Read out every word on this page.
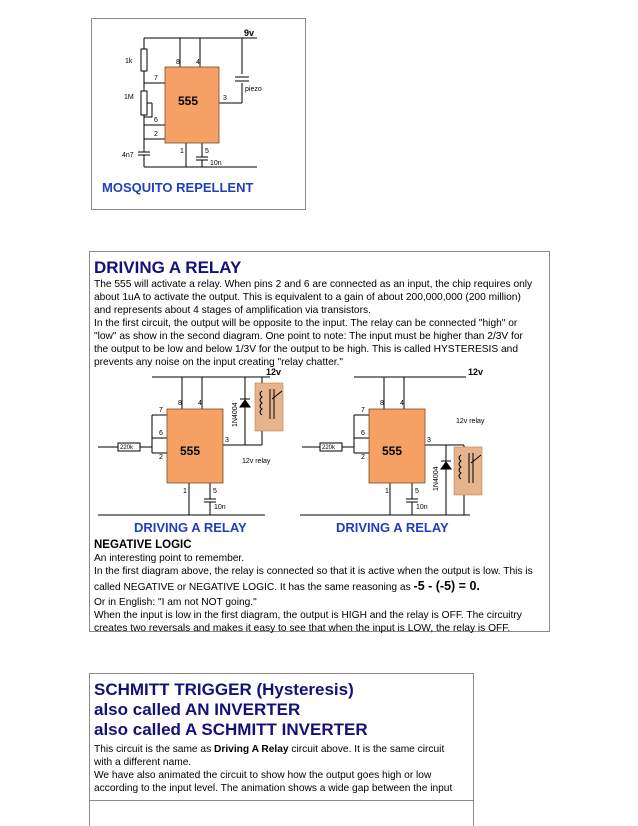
555
9v
1k
1M
4n7
10n
piezo
8 4
7
6
2
1	5
3
MOSQUITO REPELLENT
DRIVING A RELAY
The 555 will activate a relay. When pins 2 and 6 are connected as an input, the chip requires only
about 1uA to activate the output. This is equivalent to a gain of about 200,000,000 (200 million)
and represents about 4 stages of amplification via transistors.
In the first circuit, the output will be opposite to the input. The relay can be connected "high" or
"low" as show in the second diagram. One point to note: The input must be higher than 2/3V for
the output to be low and below 1/3V for the output to be high. This is called HYSTERESIS and
prevents any noise on the input creating "relay chatter."
555
12v
220k
12v relay
10n
1N4004
8 4
7
6
2
1	5
3
DRIVING A RELAY
555
12v
220k
12v relay
10n
1N4004
8 4
7
6
2
1	5
3
DRIVING A RELAY
NEGATIVE LOGIC
An interesting point to remember.
In the first diagram above, the relay is connected so that it is active when the output is low. This is
called NEGATIVE or NEGATIVE LOGIC. It has the same reasoning as -5 - (-5) = 0.
Or in English: "I am not NOT going."
When the input is low in the first diagram, the output is HIGH and the relay is OFF. The circuitry
creates two reversals and makes it easy to see that when the input is LOW, the relay is OFF.
SCHMITT TRIGGER (Hysteresis)
also called AN INVERTER
also called A SCHMITT INVERTER
This circuit is the same as Driving A Relay circuit above. It is the same circuit
with a different name.
We have also animated the circuit to show how the output goes high or low
according to the input level. The animation shows a wide gap between the input
